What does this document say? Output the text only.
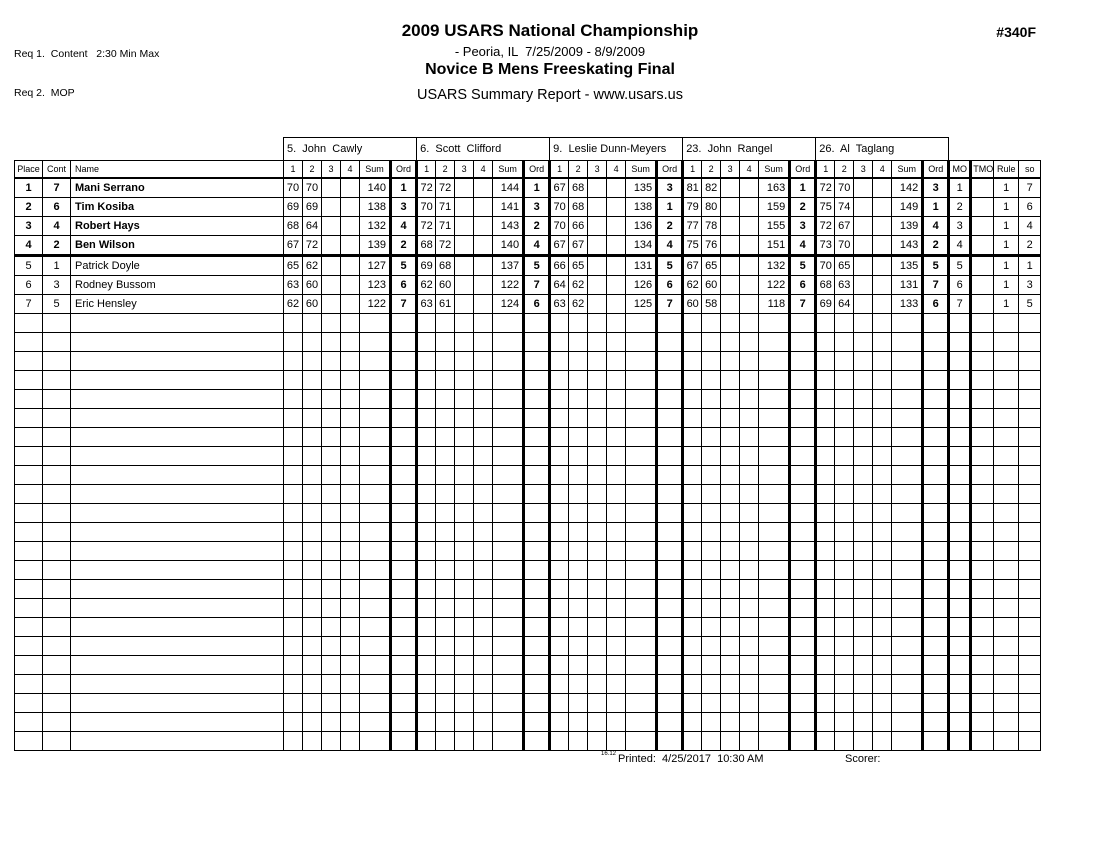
Req 1.  Content   2:30 Min Max

Req 2.  MOP

2009 USARS National Championship
- Peoria, IL  7/25/2009 - 8/9/2009
Novice B Mens Freeskating Final
USARS Summary Report - www.usars.us
#340F
			5.  John  Cawly						6.  Scott  Clifford						9.  Leslie Dunn-Meyers						23.  John  Rangel						26.  Al  Taglang									
Place	Cont	Name	1	2	3	4	Sum	Ord	1	2	3	4	Sum	Ord	1	2	3	4	Sum	Ord	1	2	3	4	Sum	Ord	1	2	3	4	Sum	Ord	MO	TMO	Rule	so
1	7	Mani Serrano	70	70			140	1	72	72			144	1	67	68			135	3	81	82			163	1	72	70			142	3	1		1	7
2	6	Tim Kosiba	69	69			138	3	70	71			141	3	70	68			138	1	79	80			159	2	75	74			149	1	2		1	6
3	4	Robert Hays	68	64			132	4	72	71			143	2	70	66			136	2	77	78			155	3	72	67			139	4	3		1	4
4	2	Ben Wilson	67	72			139	2	68	72			140	4	67	67			134	4	75	76			151	4	73	70			143	2	4		1	2
5	1	Patrick Doyle	65	62			127	5	69	68			137	5	66	65			131	5	67	65			132	5	70	65			135	5	5		1	1
6	3	Rodney Bussom	63	60			123	6	62	60			122	7	64	62			126	6	62	60			122	6	68	63			131	7	6		1	3
7	5	Eric Hensley	62	60			122	7	63	61			124	6	63	62			125	7	60	58			118	7	69	64			133	6	7		1	5

16.12 Printed:  4/25/2017  10:30 AM	Scorer:
